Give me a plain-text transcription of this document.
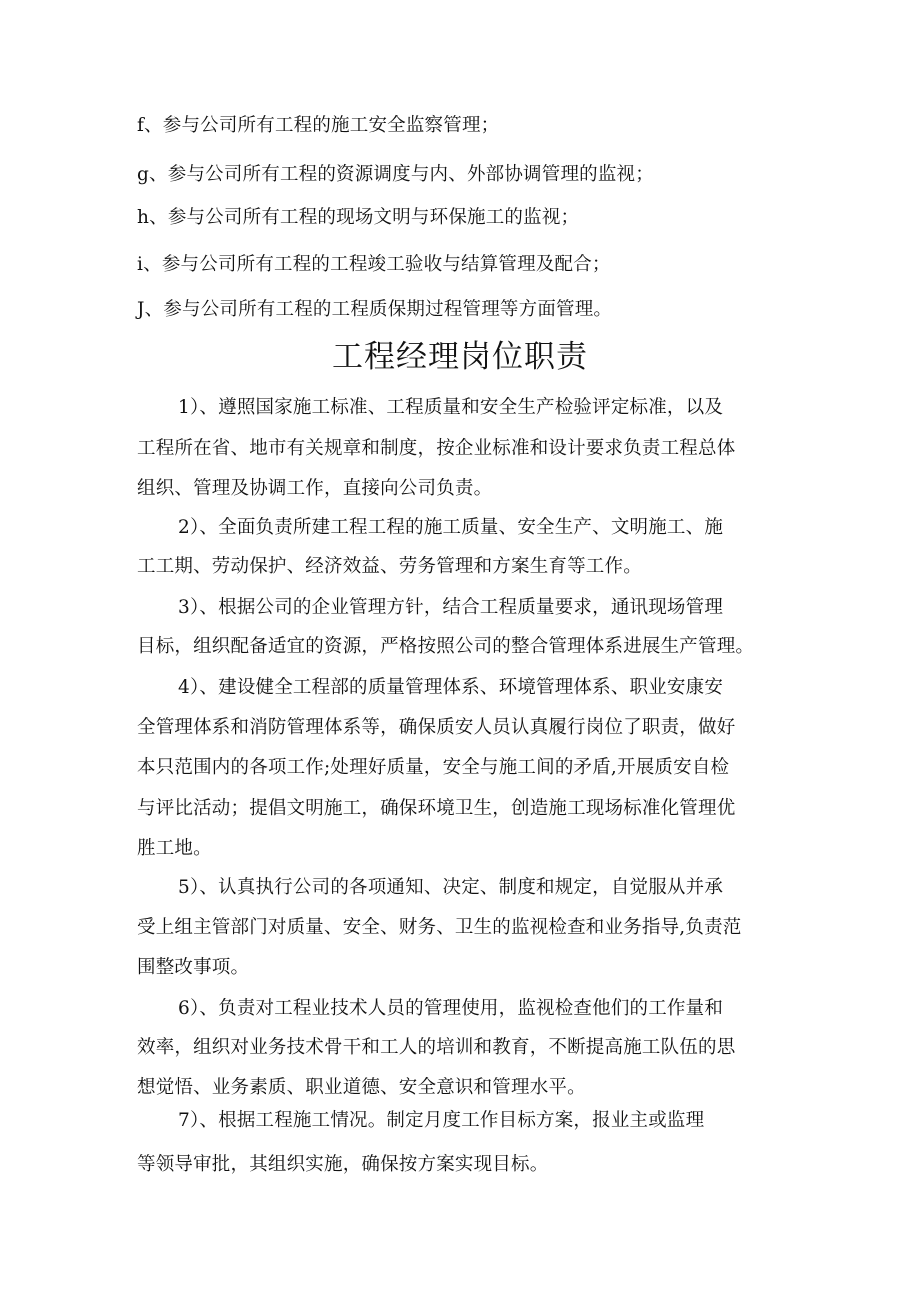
f、参与公司所有工程的施工安全监察管理；
g、参与公司所有工程的资源调度与内、外部协调管理的监视；
h、参与公司所有工程的现场文明与环保施工的监视；
i、参与公司所有工程的工程竣工验收与结算管理及配合；
J、参与公司所有工程的工程质保期过程管理等方面管理。
工程经理岗位职责
1）、遵照国家施工标准、工程质量和安全生产检验评定标准，以及
工程所在省、地市有关规章和制度，按企业标准和设计要求负责工程总体
组织、管理及协调工作，直接向公司负责。
2）、全面负责所建工程工程的施工质量、安全生产、文明施工、施
工工期、劳动保护、经济效益、劳务管理和方案生育等工作。
3）、根据公司的企业管理方针，结合工程质量要求，通讯现场管理
目标，组织配备适宜的资源，严格按照公司的整合管理体系进展生产管理。
4）、建设健全工程部的质量管理体系、环境管理体系、职业安康安
全管理体系和消防管理体系等，确保质安人员认真履行岗位了职责，做好
本只范围内的各项工作;处理好质量，安全与施工间的矛盾,开展质安自检
与评比活动；提倡文明施工，确保环境卫生，创造施工现场标准化管理优
胜工地。
5）、认真执行公司的各项通知、决定、制度和规定，自觉服从并承
受上组主管部门对质量、安全、财务、卫生的监视检查和业务指导,负责范
围整改事项。
6）、负责对工程业技术人员的管理使用，监视检查他们的工作量和
效率，组织对业务技术骨干和工人的培训和教育，不断提高施工队伍的思
想觉悟、业务素质、职业道德、安全意识和管理水平。
7）、根据工程施工情况。制定月度工作目标方案，报业主或监理
等领导审批，其组织实施，确保按方案实现目标。
